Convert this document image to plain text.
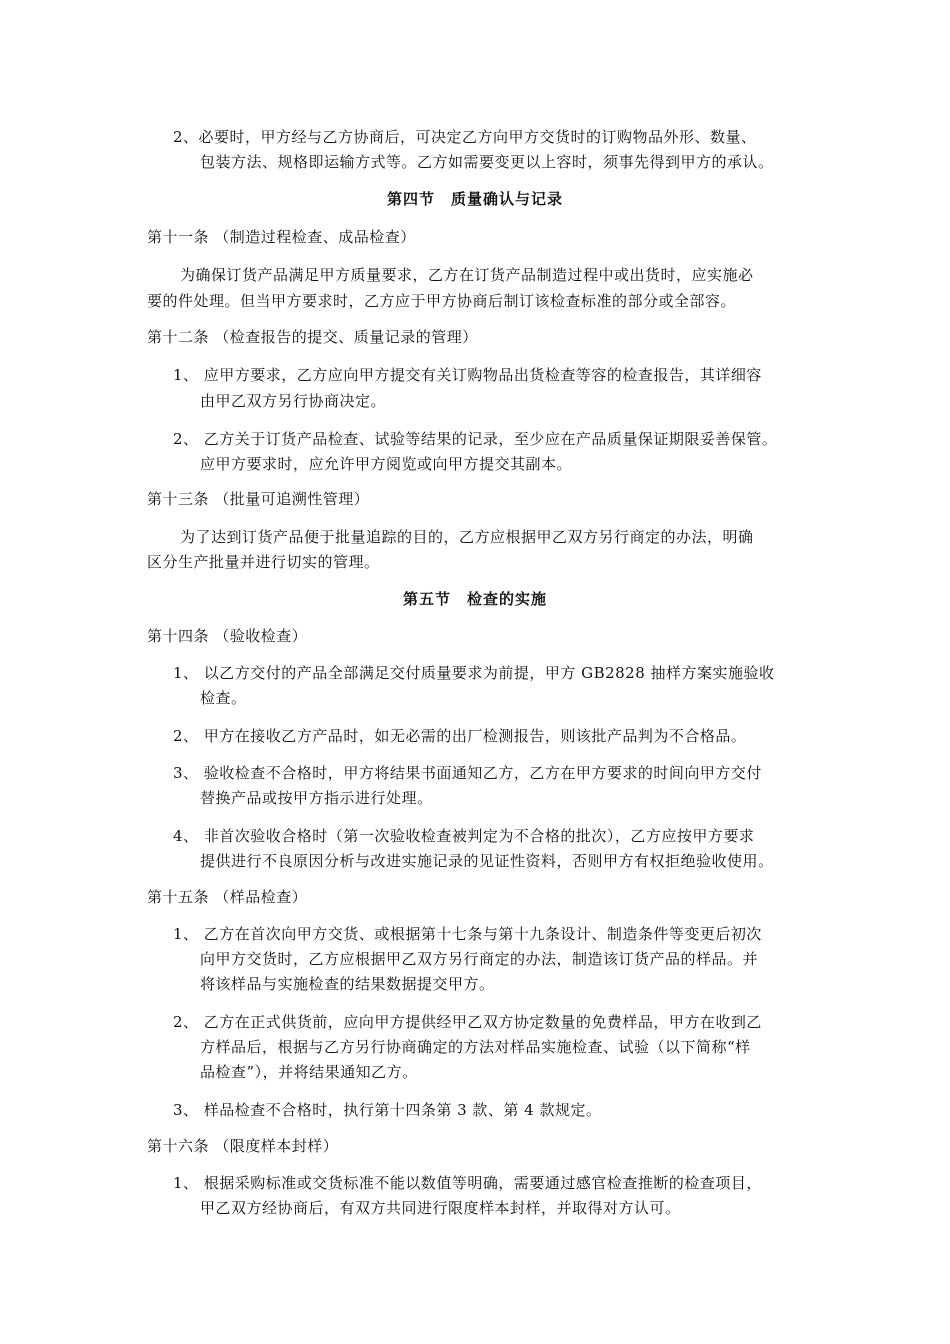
2、必要时，甲方经与乙方协商后，可决定乙方向甲方交货时的订购物品外形、数量、
包装方法、规格即运输方式等。乙方如需要变更以上容时，须事先得到甲方的承认。
第四节　质量确认与记录
第十一条 （制造过程检查、成品检查）
为确保订货产品满足甲方质量要求，乙方在订货产品制造过程中或出货时，应实施必
要的件处理。但当甲方要求时，乙方应于甲方协商后制订该检查标准的部分或全部容。
第十二条 （检查报告的提交、质量记录的管理）
1、 应甲方要求，乙方应向甲方提交有关订购物品出货检查等容的检查报告，其详细容
由甲乙双方另行协商决定。
2、 乙方关于订货产品检查、试验等结果的记录，至少应在产品质量保证期限妥善保管。
应甲方要求时，应允许甲方阅览或向甲方提交其副本。
第十三条 （批量可追溯性管理）
为了达到订货产品便于批量追踪的目的，乙方应根据甲乙双方另行商定的办法，明确
区分生产批量并进行切实的管理。
第五节　检查的实施
第十四条 （验收检查）
1、 以乙方交付的产品全部满足交付质量要求为前提，甲方 GB2828 抽样方案实施验收
检查。
2、 甲方在接收乙方产品时，如无必需的出厂检测报告，则该批产品判为不合格品。
3、 验收检查不合格时，甲方将结果书面通知乙方，乙方在甲方要求的时间向甲方交付
替换产品或按甲方指示进行处理。
4、 非首次验收合格时（第一次验收检查被判定为不合格的批次），乙方应按甲方要求
提供进行不良原因分析与改进实施记录的见证性资料，否则甲方有权拒绝验收使用。
第十五条 （样品检查）
1、 乙方在首次向甲方交货、或根据第十七条与第十九条设计、制造条件等变更后初次
向甲方交货时，乙方应根据甲乙双方另行商定的办法，制造该订货产品的样品。并
将该样品与实施检查的结果数据提交甲方。
2、 乙方在正式供货前，应向甲方提供经甲乙双方协定数量的免费样品，甲方在收到乙
方样品后，根据与乙方另行协商确定的方法对样品实施检查、试验（以下简称“样
品检查”），并将结果通知乙方。
3、 样品检查不合格时，执行第十四条第 3 款、第 4 款规定。
第十六条 （限度样本封样）
1、 根据采购标准或交货标准不能以数值等明确，需要通过感官检查推断的检查项目，
甲乙双方经协商后，有双方共同进行限度样本封样，并取得对方认可。
